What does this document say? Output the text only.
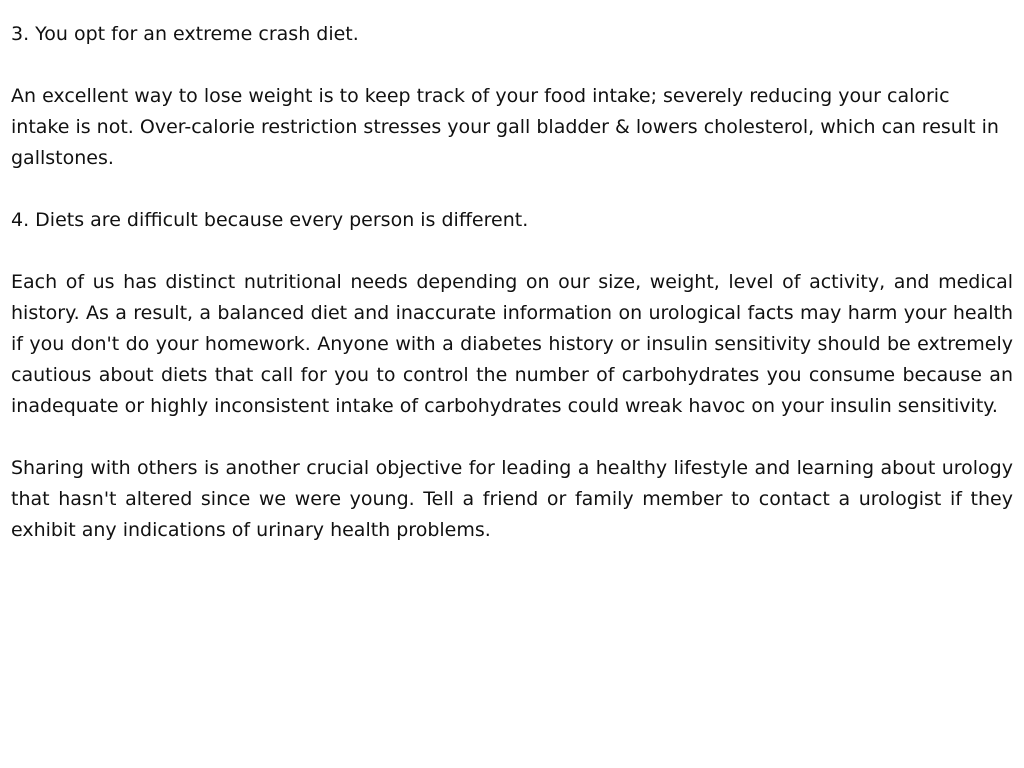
3. You opt for an extreme crash diet.

An excellent way to lose weight is to keep track of your food intake; severely reducing your caloric intake is not. Over-calorie restriction stresses your gall bladder & lowers cholesterol, which can result in gallstones.

4. Diets are difficult because every person is different.

Each of us has distinct nutritional needs depending on our size, weight, level of activity, and medical history. As a result, a balanced diet and inaccurate information on urological facts may harm your health if you don't do your homework. Anyone with a diabetes history or insulin sensitivity should be extremely cautious about diets that call for you to control the number of carbohydrates you consume because an inadequate or highly inconsistent intake of carbohydrates could wreak havoc on your insulin sensitivity.

Sharing with others is another crucial objective for leading a healthy lifestyle and learning about urology that hasn't altered since we were young. Tell a friend or family member to contact a urologist if they exhibit any indications of urinary health problems.
